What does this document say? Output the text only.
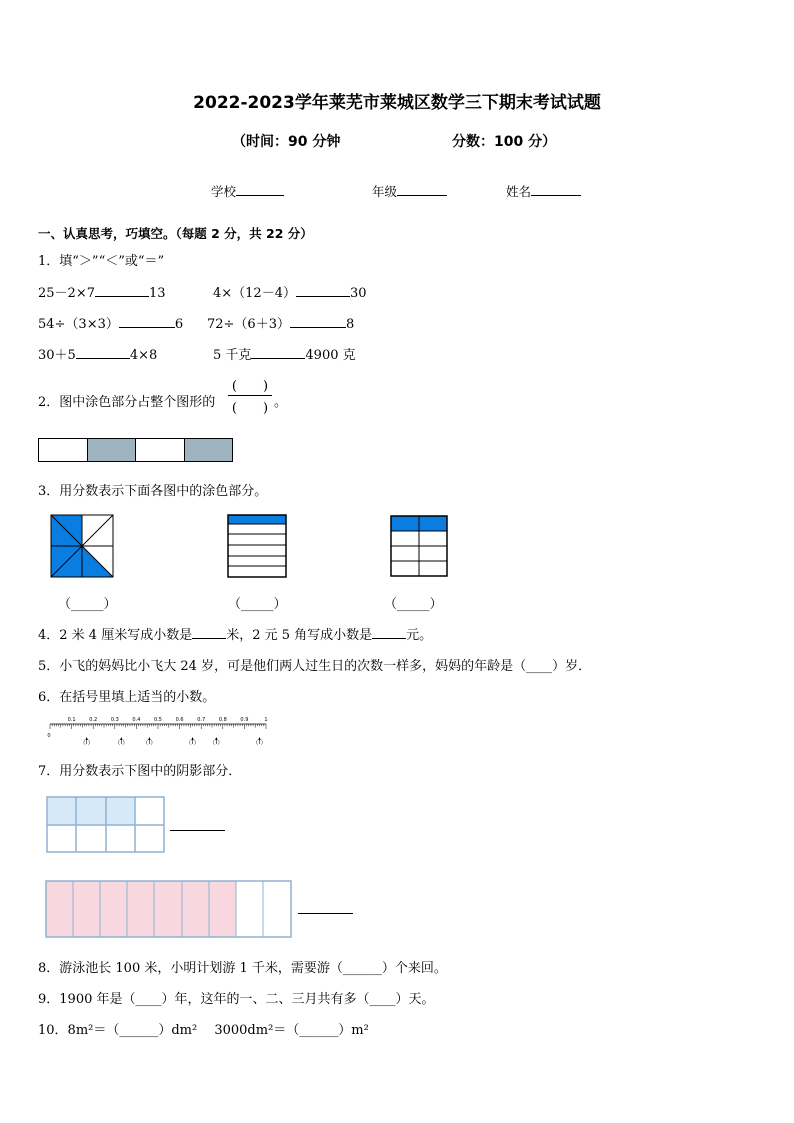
2022-2023学年莱芜市莱城区数学三下期末考试试题
（时间：90 分钟	分数：100 分）
学校	年级	姓名
一、认真思考，巧填空。（每题 2 分，共 22 分）
1．填“＞”“＜”或“＝”
25－2×7	13	4×（12－4）	30
54÷（3×3）	6 72÷（6＋3）	8
30＋5	4×8	5 千克	4900 克
2．图中涂色部分占整个图形的
(　　)
(　　) 。
3．用分数表示下面各图中的涂色部分。
（_____）	（_____）	（_____）
4．2 米 4 厘米写成小数是	米，2 元 5 角写成小数是	元。
5．小飞的妈妈比小飞大 24 岁，可是他们两人过生日的次数一样多，妈妈的年龄是（____）岁．
6．在括号里填上适当的小数。
0
0.1	0.2	0.3	0.4	0.5	0.6	0.7	0.8	0.9	1
（ ）	（ ） （ ）	（ ） （ ）	（ ）
7．用分数表示下图中的阴影部分．
8．游泳池长 100 米，小明计划游 1 千米，需要游（______）个来回。
9．1900 年是（____）年，这年的一、二、三月共有多（____）天。
10．8m²＝（______）dm²　 3000dm²＝（______）m²
